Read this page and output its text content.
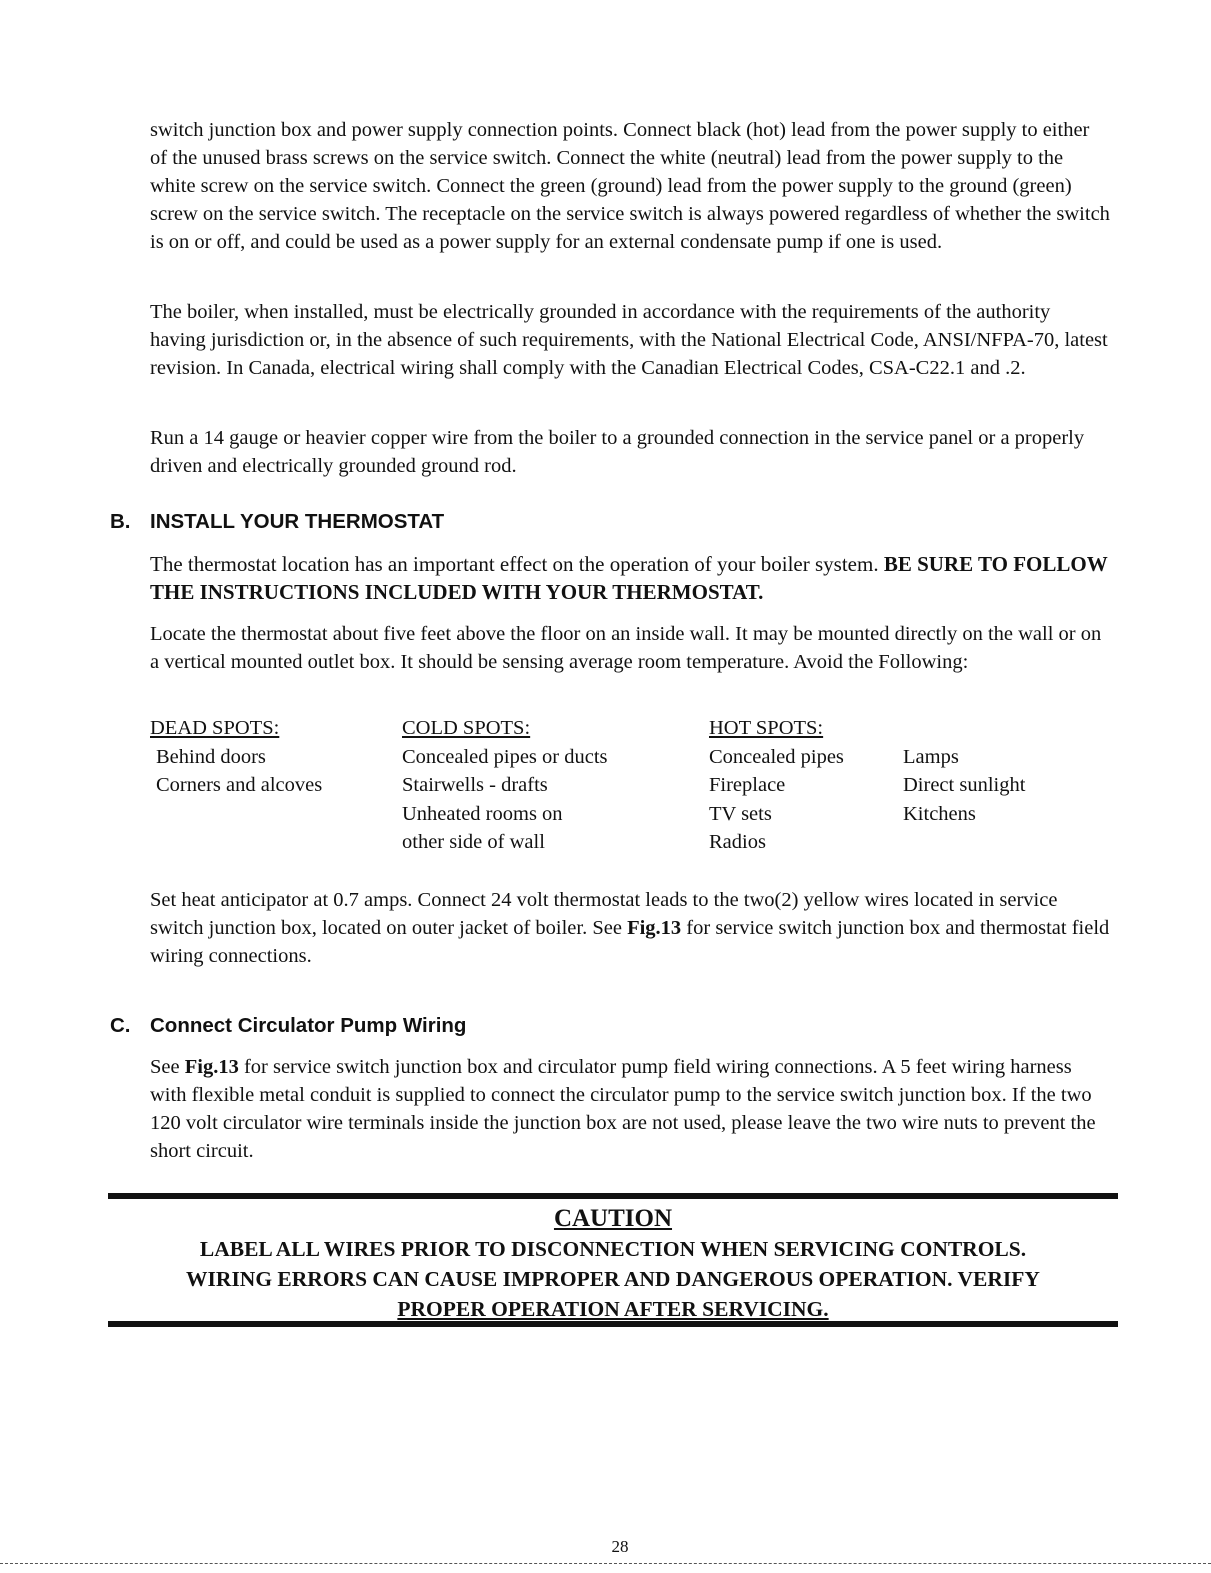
switch junction box and power supply connection points. Connect black (hot) lead from the power supply to either of the unused brass screws on the service switch. Connect the white (neutral) lead from the power supply to the white screw on the service switch. Connect the green (ground) lead from the power supply to the ground (green) screw on the service switch. The receptacle on the service switch is always powered regardless of whether the switch is on or off, and could be used as a power supply for an external condensate pump if one is used.

The boiler, when installed, must be electrically grounded in accordance with the requirements of the authority having jurisdiction or, in the absence of such requirements, with the National Electrical Code, ANSI/NFPA-70, latest revision. In Canada, electrical wiring shall comply with the Canadian Electrical Codes, CSA-C22.1 and .2.

Run a 14 gauge or heavier copper wire from the boiler to a grounded connection in the service panel or a properly driven and electrically grounded ground rod.

B. INSTALL YOUR THERMOSTAT

The thermostat location has an important effect on the operation of your boiler system. BE SURE TO FOLLOW THE INSTRUCTIONS INCLUDED WITH YOUR THERMOSTAT.

Locate the thermostat about five feet above the floor on an inside wall. It may be mounted directly on the wall or on a vertical mounted outlet box. It should be sensing average room temperature. Avoid the Following:

DEAD SPOTS:
Behind doors
Corners and alcoves
COLD SPOTS:
Concealed pipes or ducts
Stairwells - drafts
Unheated rooms on
other side of wall
HOT SPOTS:
Concealed pipes
Fireplace
TV sets
Radios

Lamps
Direct sunlight
Kitchens

Set heat anticipator at 0.7 amps. Connect 24 volt thermostat leads to the two(2) yellow wires located in service switch junction box, located on outer jacket of boiler. See Fig.13 for service switch junction box and thermostat field wiring connections.

C. Connect Circulator Pump Wiring

See Fig.13 for service switch junction box and circulator pump field wiring connections. A 5 feet wiring harness with flexible metal conduit is supplied to connect the circulator pump to the service switch junction box. If the two 120 volt circulator wire terminals inside the junction box are not used, please leave the two wire nuts to prevent the short circuit.

CAUTION
LABEL ALL WIRES PRIOR TO DISCONNECTION WHEN SERVICING CONTROLS.
WIRING ERRORS CAN CAUSE IMPROPER AND DANGEROUS OPERATION. VERIFY
PROPER OPERATION AFTER SERVICING.
28
